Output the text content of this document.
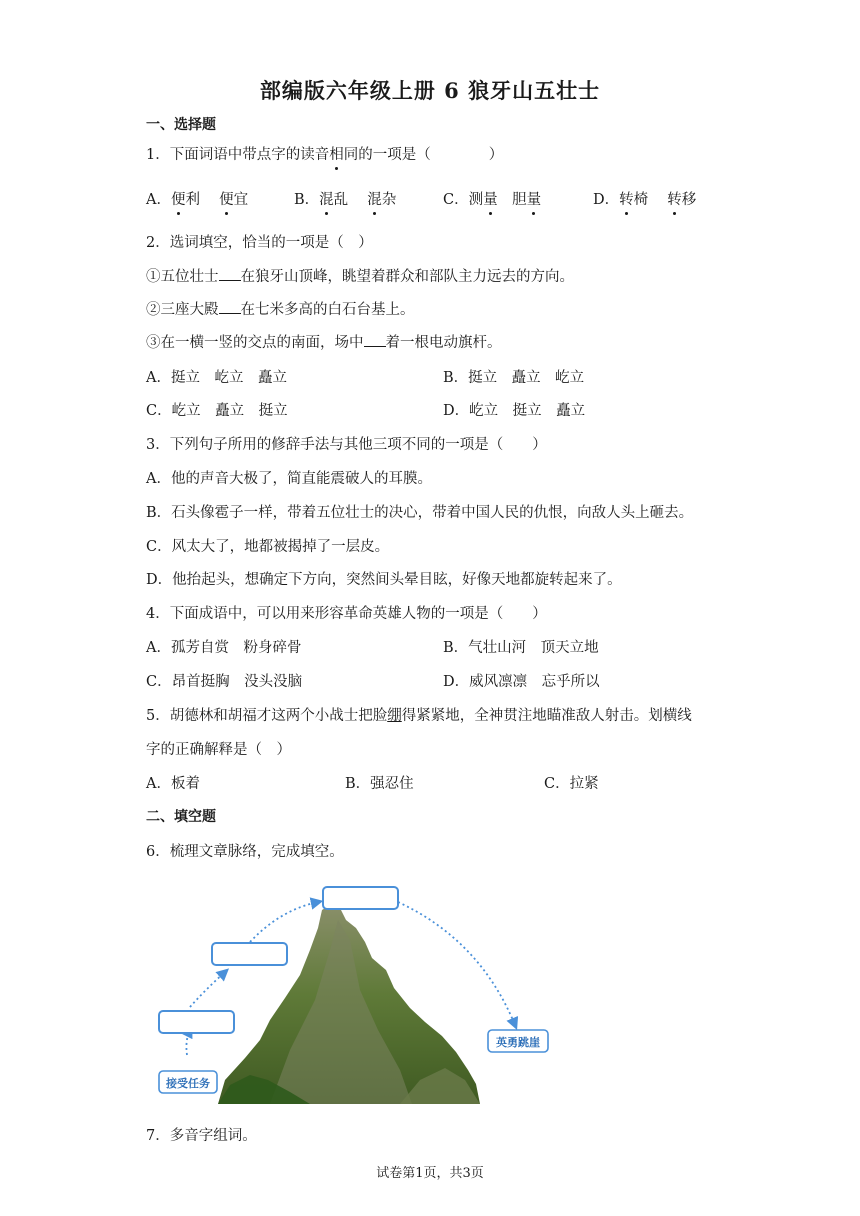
部编版六年级上册 6 狼牙山五壮士
一、选择题
1．下面词语中带点字的读音相同的一项是（　　　　）
A．便利　 便宜	B．混乱　 混杂	C．测量　 胆量	D．转椅　 转移
2．选词填空，恰当的一项是（　）
①五位壮士 在狼牙山顶峰，眺望着群众和部队主力远去的方向。
②三座大殿 在七米多高的白石台基上。
③在一横一竖的交点的南面，场中 着一根电动旗杆。
A．挺立　屹立　矗立	B．挺立　矗立　屹立
C．屹立　矗立　挺立	D．屹立　挺立　矗立
3．下列句子所用的修辞手法与其他三项不同的一项是（　　）
A．他的声音大极了，简直能震破人的耳膜。
B．石头像雹子一样，带着五位壮士的决心，带着中国人民的仇恨，向敌人头上砸去。
C．风太大了，地都被揭掉了一层皮。
D．他抬起头，想确定下方向，突然间头晕目眩，好像天地都旋转起来了。
4．下面成语中，可以用来形容革命英雄人物的一项是（　　）
A．孤芳自赏　粉身碎骨	B．气壮山河　顶天立地
C．昂首挺胸　没头没脑	D．威风凛凛　忘乎所以
5．胡德林和胡福才这两个小战士把脸绷得紧紧地，全神贯注地瞄准敌人射击。划横线
字的正确解释是（　）
A．板着	B．强忍住	C．拉紧
二、填空题
6．梳理文章脉络，完成填空。
接受任务
英勇跳崖
7．多音字组词。
试卷第1页，共3页
